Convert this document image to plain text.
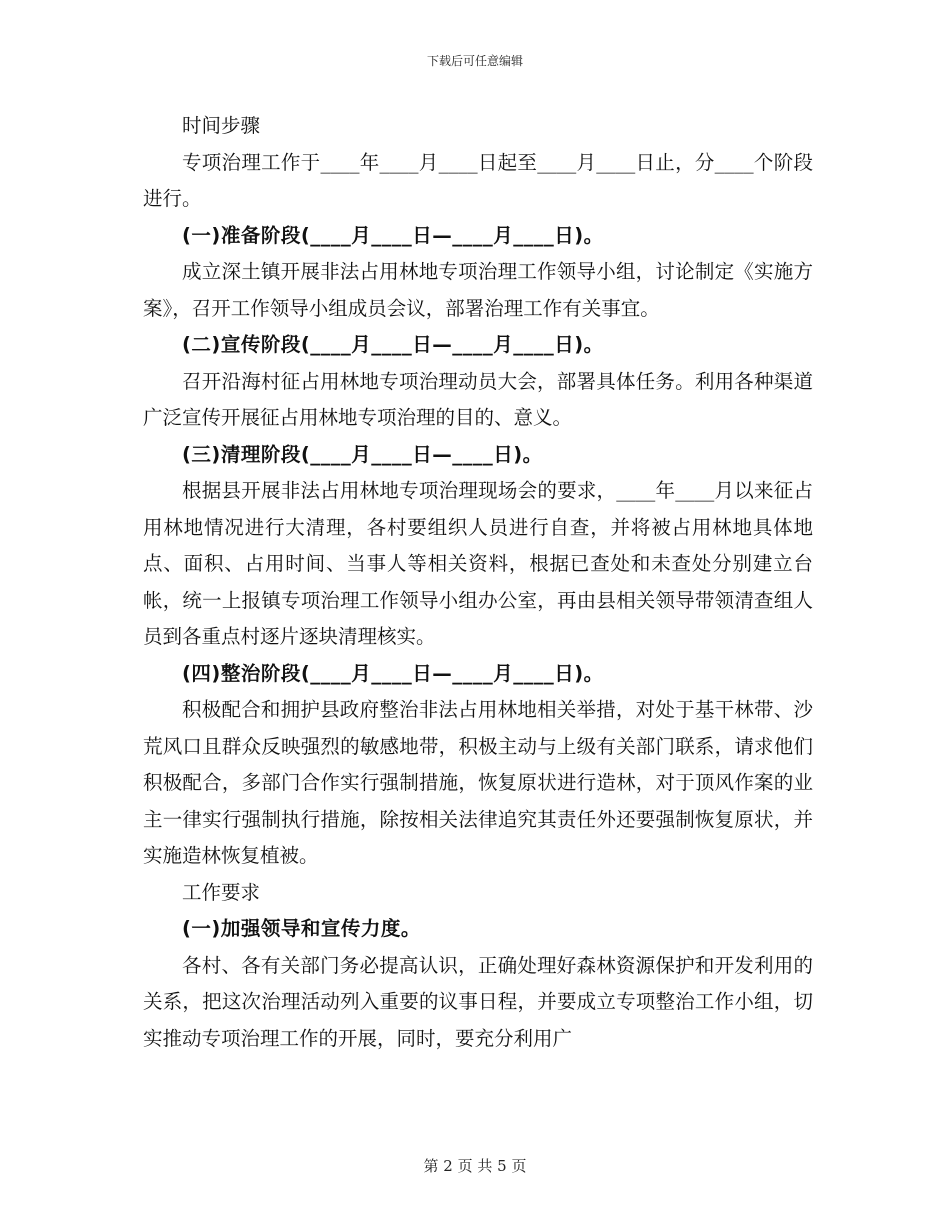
下载后可任意编辑

时间步骤

专项治理工作于____年____月____日起至____月____日止，分____个阶段进行。

(一)准备阶段(____月____日—____月____日)。

成立深土镇开展非法占用林地专项治理工作领导小组，讨论制定《实施方案》，召开工作领导小组成员会议，部署治理工作有关事宜。

(二)宣传阶段(____月____日—____月____日)。

召开沿海村征占用林地专项治理动员大会，部署具体任务。利用各种渠道广泛宣传开展征占用林地专项治理的目的、意义。

(三)清理阶段(____月____日—____日)。

根据县开展非法占用林地专项治理现场会的要求，____年____月以来征占用林地情况进行大清理，各村要组织人员进行自查，并将被占用林地具体地点、面积、占用时间、当事人等相关资料，根据已查处和未查处分别建立台帐，统一上报镇专项治理工作领导小组办公室，再由县相关领导带领清查组人员到各重点村逐片逐块清理核实。

(四)整治阶段(____月____日—____月____日)。

积极配合和拥护县政府整治非法占用林地相关举措，对处于基干林带、沙荒风口且群众反映强烈的敏感地带，积极主动与上级有关部门联系，请求他们积极配合，多部门合作实行强制措施，恢复原状进行造林，对于顶风作案的业主一律实行强制执行措施，除按相关法律追究其责任外还要强制恢复原状，并实施造林恢复植被。

工作要求

(一)加强领导和宣传力度。

各村、各有关部门务必提高认识，正确处理好森林资源保护和开发利用的关系，把这次治理活动列入重要的议事日程，并要成立专项整治工作小组，切实推动专项治理工作的开展，同时，要充分利用广

第 2 页 共 5 页
